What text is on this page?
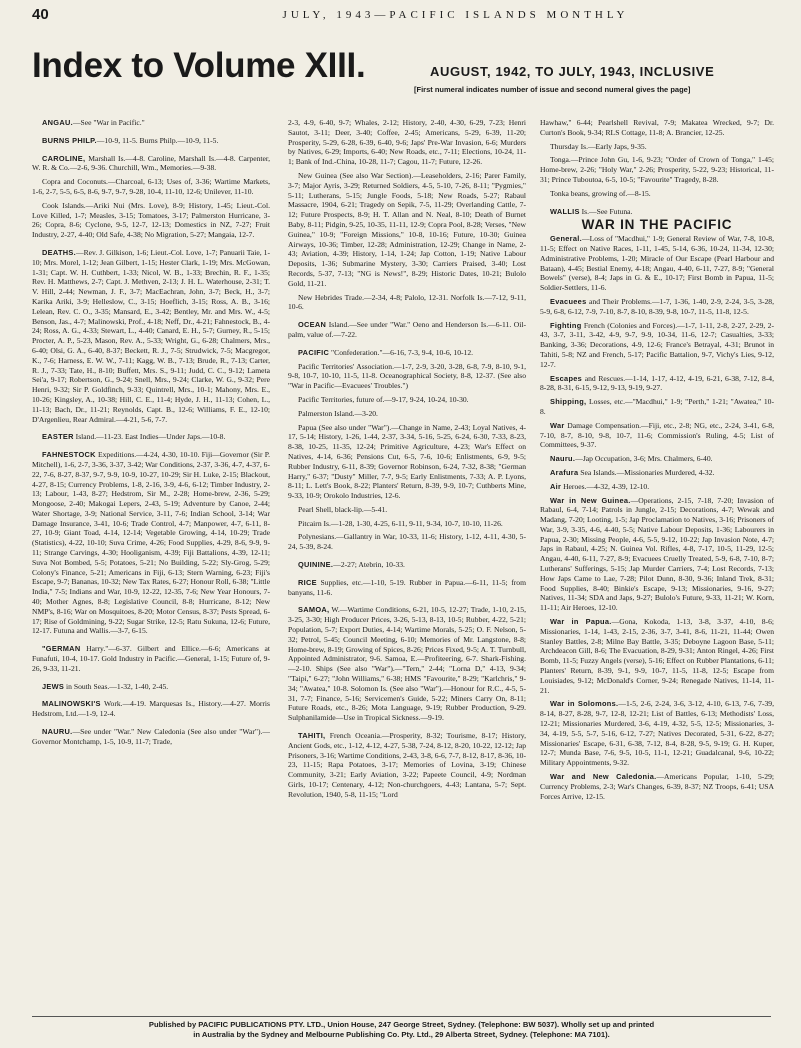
40	JULY, 1943—PACIFIC ISLANDS MONTHLY
Index to Volume XIII.	AUGUST, 1942, TO JULY, 1943, INCLUSIVE
[First numeral indicates number of issue and second numeral gives the page]

ANGAU.—See "War in Pacific."

BURNS PHILP.—10-9, 11-5. Burns Philp.—10-9, 11-5.

CAROLINE, Marshall Is.—4-8. Caroline, Marshall Is.—4-8. Carpenter, W. R. & Co.—2-6, 9-36. Churchill, Wm., Memories.—9-38.

Copra and Coconuts.—Charcoal, 6-13; Uses of, 3-36; Wartime Markets, 1-6, 2-7, 5-5, 6-5, 8-6, 9-7, 9-7, 9-28, 10-4, 11-10, 12-6; Unilever, 11-10.

Cook Islands.—Ariki Nui (Mrs. Love), 8-9; History, 1-45; Lieut.-Col. Love Killed, 1-7; Measles, 3-15; Tomatoes, 3-17; Palmerston Hurricane, 3-26; Copra, 8-6; Cyclone, 9-5, 12-7, 12-13; Domestics in NZ, 7-27; Fruit Industry, 2-27, 4-40; Old Safe, 4-38; No Migration, 5-27; Mangaia, 12-7.

DEATHS.—Rev. J. Gilkison, 1-6; Lieut.-Col. Love, 1-7; Panuarii Taie, 1-10; Mrs. Morel, 1-12; Jean Gilbert, 1-15; Hester Clark, 1-19; Mrs. McGowan, 1-31; Capt. W. H. Cuthbert, 1-33; Nicol, W. B., 1-33; Brechin, R. F., 1-35; Rev. H. Matthews, 2-7; Capt. J. Methven, 2-13; J. H. L. Waterhouse, 2-31; T. V. Hill, 2-44; Newman, J. F., 3-7; MacEachran, John, 3-7; Beck, H., 3-7; Karika Ariki, 3-9; Helleslow, C., 3-15; Hoeflich, 3-15; Ross, A. B., 3-16; Lelean, Rev. C. O., 3-35; Mansard, E., 3-42; Bentley, Mr. and Mrs. W., 4-5; Benson, Jas., 4-7; Malinowski, Prof., 4-18; Neff, Dr., 4-21; Fahnestock, B., 4-24; Ross, A. G., 4-33; Stewart, L., 4-40; Canard, E. H., 5-7; Gurney, R., 5-15; Procter, A. P., 5-23, Mason, Rev. A., 5-33; Wright, G., 6-28; Chalmers, Mrs., 6-40; Olsi, G. A., 6-40, 8-37; Beckett, R. J., 7-5; Strudwick, 7-5; Macgregor, K., 7-6; Harness, E. W. W., 7-11; Kagg, W. B., 7-13; Brude, R., 7-13; Carter, R. J., 7-33; Tate, H., 8-10; Buffett, Mrs. S., 9-11; Judd, C. C., 9-12; Lameta Sei'a, 9-17; Robertson, G., 9-24; Snell, Mrs., 9-24; Clarke, W. G., 9-32; Pere Henri, 9-32; Sir P. Goldfinch, 9-33; Quintrell, Mrs., 10-1; Mahony, Mrs. E., 10-26; Kingsley, A., 10-38; Hill, C. E., 11-4; Hyde, J. H., 11-13; Cohen, L., 11-13; Bach, Dr., 11-21; Reynolds, Capt. B., 12-6; Williams, F. E., 12-10; D'Argenlieu, Rear Admiral.—4-21, 5-6, 7-7.

EASTER Island.—11-23. East Indies—Under Japs.—10-8.

FAHNESTOCK Expeditions.—4-24, 4-30, 10-10. Fiji—Governor (Sir P. Mitchell), 1-6, 2-7, 3-36, 3-37, 3-42; War Conditions, 2-37, 3-36, 4-7, 4-37, 6-22, 7-6, 8-27, 8-37, 9-7, 9-9, 10-9, 10-27, 10-29; Sir H. Luke, 2-15; Blackout, 4-27, 8-15; Currency Problems, 1-8, 2-16, 3-9, 4-6, 6-12; Timber Industry, 2-13; Labour, 1-43, 8-27; Hedstrom, Sir M., 2-28; Home-brew, 2-36, 5-29; Mongoose, 2-40; Makogai Lepers, 2-43, 5-19; Adventure by Canoe, 2-44; Water Shortage, 3-9; National Service, 3-11, 7-6; Indian School, 3-14; War Damage Insurance, 3-41, 10-6; Trade Control, 4-7; Manpower, 4-7, 6-11, 8-27, 10-9; Giant Toad, 4-14, 12-14; Vegetable Growing, 4-14, 10-29; Trade (Statistics), 4-22, 10-10; Suva Crime, 4-26; Food Supplies, 4-29, 8-6, 9-9, 9-11; Strange Carvings, 4-30; Hooliganism, 4-39; Fiji Battalions, 4-39, 12-11; Suva Not Bombed, 5-5; Potatoes, 5-21; No Building, 5-22; Sly-Grog, 5-29; Colony's Finance, 5-21; Americans in Fiji, 6-13; Stern Warning, 6-23; Fiji's Escape, 9-7; Bananas, 10-32; New Tax Rates, 6-27; Honour Roll, 6-38; "Little India," 7-5; Indians and War, 10-9, 12-22, 12-35, 7-6; New Year Honours, 7-40; Mother Agnes, 8-8; Legislative Council, 8-8; Hurricane, 8-12; New NMP's, 8-16; War on Mosquitoes, 8-20; Motor Census, 8-37; Pests Spread, 6-17; Rise of Goldmining, 9-22; Sugar Strike, 12-5; Ratu Sukuna, 12-6; Future, 12-17. Futuna and Wallis.—3-7, 6-15.

"GERMAN Harry."—6-37. Gilbert and Ellice.—6-6; Americans at Funafuti, 10-4, 10-17. Gold Industry in Pacific.—General, 1-15; Future of, 9-26, 9-33, 11-21.

JEWS in South Seas.—1-32, 1-40, 2-45.

MALINOWSKI'S Work.—4-19. Marquesas Is., History.—4-27. Morris Hedstrom, Ltd.—1-9, 12-4.

NAURU.—See under "War." New Caledonia (See also under "War").—Governor Montchamp, 1-5, 10-9, 11-7; Trade,

2-3, 4-9, 6-40, 9-7; Whales, 2-12; History, 2-40, 4-30, 6-29, 7-23; Henri Sautot, 3-11; Deer, 3-40; Coffee, 2-45; Americans, 5-29, 6-39, 11-20; Prosperity, 5-29, 6-28, 6-39, 6-40, 9-6; Japs' Pre-War Invasion, 6-6; Murders by Natives, 6-29; Imports, 6-40; New Roads, etc., 7-11; Elections, 10-24, 11-1; Bank of Ind.-China, 10-28, 11-7; Cagou, 11-7; Future, 12-26.

New Guinea (See also War Section).—Leaseholders, 2-16; Parer Family, 3-7; Major Ayris, 3-29; Returned Soldiers, 4-5, 5-10, 7-26, 8-11; "Pygmies," 5-11; Lutherans, 5-15; Jungle Foods, 5-18; New Roads, 5-27; Rabaul Massacre, 1904, 6-21; Tragedy on Sepik, 7-5, 11-29; Overlanding Cattle, 7-12; Future Prospects, 8-9; H. T. Allan and N. Neal, 8-10; Death of Burnet Baby, 8-11; Pidgin, 9-25, 10-35, 11-11, 12-9; Copra Pool, 8-28; Verses, "New Guinea," 10-9; "Foreign Missions," 10-8, 10-16; Future, 10-30; Guinea Airways, 10-36; Timber, 12-28; Administration, 12-29; Change in Name, 2-43; Aviation, 4-39; History, 1-14, 1-24; Jap Cotton, 1-19; Native Labour Deposits, 1-36; Submarine Mystery, 3-30; Carriers Praised, 3-40; Lost Records, 5-37, 7-13; "NG is News!", 8-29; Historic Dates, 10-21; Bulolo Gold, 11-21.

New Hebrides Trade.—2-34, 4-8; Palolo, 12-31. Norfolk Is.—7-12, 9-11, 10-6.

OCEAN Island.—See under "War." Oeno and Henderson Is.—6-11. Oil-palm, value of.—7-22.

PACIFIC "Confederation."—6-16, 7-3, 9-4, 10-6, 10-12.

Pacific Territories' Association.—1-7, 2-9, 3-20, 3-28, 6-8, 7-9, 8-10, 9-1, 9-8, 10-7, 10-10, 11-5, 11-8. Oceanographical Society, 8-8, 12-37. (See also "War in Pacific—Evacuees' Troubles.")

Pacific Territories, future of.—9-17, 9-24, 10-24, 10-30.

Palmerston Island.—3-20.

Papua (See also under "War").—Change in Name, 2-43; Loyal Natives, 4-17, 5-14; History, 1-26, 1-44, 2-37, 3-34, 5-16, 5-25, 6-24, 6-30, 7-33, 8-23, 8-38, 10-25, 11-35, 12-24; Primitive Agriculture, 4-23; War's Effect on Natives, 4-14, 6-36; Pensions Cut, 6-5, 7-6, 10-6; Enlistments, 6-9, 9-5; Rubber Industry, 6-11, 8-39; Governor Robinson, 6-24, 7-32, 8-38; "German Harry," 6-37; "Dusty" Miller, 7-7, 9-5; Early Enlistments, 7-33; A. P. Lyons, 8-11; L. Lett's Book, 8-22; Planters' Return, 8-39, 9-9, 10-7; Cuthberts Mine, 9-33, 10-9; Orokolo Industries, 12-6.

Pearl Shell, black-lip.—5-41.

Pitcairn Is.—1-28, 1-30, 4-25, 6-11, 9-11, 9-34, 10-7, 10-10, 11-26.

Polynesians.—Gallantry in War, 10-33, 11-6; History, 1-12, 4-11, 4-30, 5-24, 5-39, 8-24.

QUININE.—2-27; Atebrin, 10-33.

RICE Supplies, etc.—1-10, 5-19. Rubber in Papua.—6-11, 11-5; from banyans, 11-6.

SAMOA, W.—Wartime Conditions, 6-21, 10-5, 12-27; Trade, 1-10, 2-15, 3-25, 3-30; High Producer Prices, 3-26, 5-13, 8-13, 10-5; Rubber, 4-22, 5-21; Population, 5-7; Export Duties, 4-14; Wartime Morals, 5-25; O. F. Nelson, 5-32; Petrol, 5-45; Council Meeting, 6-10; Memories of Mr. Langstone, 8-8; Home-brew, 8-19; Growing of Spices, 8-26; Prices Fixed, 9-5; A. T. Turnbull, Appointed Administrator, 9-6. Samoa, E.—Profiteering, 6-7. Shark-Fishing.—2-10. Ships (See also "War").—"Tern," 2-44; "Lorna D," 4-13, 9-34; "Taipi," 6-27; "John Williams," 6-38; HMS "Favourite," 8-29; "Karlchris," 9-34; "Awatea," 10-8. Solomon Is. (See also "War").—Honour for R.C., 4-5, 5-31, 7-7; Finance, 5-16; Servicemen's Guide, 5-22; Miners Carry On, 8-11; Future Roads, etc., 8-26; Mota Language, 9-19; Rubber Production, 9-29. Sulphanilamide—Use in Tropical Sickness.—9-19.

TAHITI, French Oceania.—Prosperity, 8-32; Tourisme, 8-17; History, Ancient Gods, etc., 1-12, 4-12, 4-27, 5-38, 7-24, 8-12, 8-20, 10-22, 12-12; Jap Prisoners, 3-16; Wartime Conditions, 2-43, 3-8, 6-6, 7-7, 8-12, 8-17, 8-36, 10-23, 11-15; Rapa Potatoes, 3-17; Memories of Lovina, 3-19; Chinese Community, 3-21; Early Aviation, 3-22; Papeete Council, 4-9; Nordman Girls, 10-17; Centenary, 4-12; Non-churchgoers, 4-43; Lantana, 5-7; Sept. Revolution, 1940, 5-8, 11-15; "Lord

Hawhaw," 6-44; Pearlshell Revival, 7-9; Makatea Wrecked, 9-7; Dr. Curton's Book, 9-34; RLS Cottage, 11-8; A. Brancier, 12-25.

Thursday Is.—Early Japs, 9-35.

Tonga.—Prince John Gu, 1-6, 9-23; "Order of Crown of Tonga," 1-45; Home-brew, 2-26; "Holy War," 2-26; Prosperity, 5-22, 9-23; Historical, 11-31; Prince Tuboutoa, 6-5, 10-5; "Favourite" Tragedy, 8-28.

Tonka beans, growing of.—8-15.

WALLIS Is.—See Futuna.

WAR IN THE PACIFIC

General.—Loss of "Macdhui," 1-9; General Review of War, 7-8, 10-8, 11-5; Effect on Native Races, 1-11, 1-45, 5-14, 6-36, 10-24, 11-34, 12-30; Administrative Problems, 1-20; Miracle of Our Escape (Pearl Harbour and Bataan), 4-45; Bestial Enemy, 4-18; Angau, 4-40, 6-11, 7-27, 8-9; "General Bowels" (verse), 8-4; Japs in G. & E., 10-17; First Bomb in Papua, 11-5; Soldier-Settlers, 11-6.

Evacuees and Their Problems.—1-7, 1-36, 1-40, 2-9, 2-24, 3-5, 3-28, 5-9, 6-8, 6-12, 7-9, 7-10, 8-7, 8-10, 8-39, 9-8, 10-7, 11-5, 11-8, 12-5.

Fighting French (Colonies and Forces).—1-7, 1-11, 2-8, 2-27, 2-29, 2-43, 3-7, 3-11, 3-42, 4-9, 9-7, 9-9, 10-34, 11-6, 12-7; Casualties, 3-33; Banking, 3-36; Decorations, 4-9, 12-6; France's Betrayal, 4-31; Brunot in Tahiti, 5-8; NZ and French, 5-17; Pacific Battalion, 9-7, Vichy's Lies, 9-12, 12-7.

Escapes and Rescues.—1-14, 1-17, 4-12, 4-19, 6-21, 6-38, 7-12, 8-4, 8-28, 8-31, 6-15, 9-12, 9-13, 9-19, 9-27.

Shipping, Losses, etc.—"Macdhui," 1-9; "Perth," 1-21; "Awatea," 10-8.

War Damage Compensation.—Fiji, etc., 2-8; NG, etc., 2-24, 3-41, 6-8, 7-10, 8-7, 8-10, 9-8, 10-7, 11-6; Commission's Ruling, 4-5; List of Committees, 9-37.

Nauru.—Jap Occupation, 3-6; Mrs. Chalmers, 6-40.

Arafura Sea Islands.—Missionaries Murdered, 4-32.

Air Heroes.—4-32, 4-39, 12-10.

War in New Guinea.—Operations, 2-15, 7-18, 7-20; Invasion of Rabaul, 6-4, 7-14; Patrols in Jungle, 2-15; Decorations, 4-7; Wewak and Madang, 7-20; Looting, 1-5; Jap Proclamation to Natives, 3-16; Prisoners of War, 3-9, 3-35, 4-6, 4-40, 5-5; Native Labour Deposits, 1-36; Labourers in Papua, 2-30; Missing People, 4-6, 5-5, 9-12, 10-22; Jap Invasion Note, 4-7; Japs in Rabaul, 4-25; N. Guinea Vol. Rifles, 4-8, 7-17, 10-5, 11-29, 12-5; Angau, 4-40, 6-11, 7-27, 8-9; Evacuees Cruelly Treated, 5-9, 6-8, 7-10, 8-7; Lutherans' Sufferings, 5-15; Jap Murder Carriers, 7-4; Lost Records, 7-13; How Japs Came to Lae, 7-28; Pilot Dunn, 8-30, 9-36; Inland Trek, 8-31; Food Supplies, 8-40; Binkie's Escape, 9-13; Missionaries, 9-16, 9-27; Natives, 11-34; SDA and Japs, 9-27; Bulolo's Future, 9-33, 11-21; W. Korn, 11-11; Air Heroes, 12-10.

War in Papua.—Gona, Kokoda, 1-13, 3-8, 3-37, 4-10, 8-6; Missionaries, 1-14, 1-43, 2-15, 2-36, 3-7, 3-41, 8-6, 11-21, 11-44; Owen Stanley Battles, 2-8; Milne Bay Battle, 3-35; Deboyne Lagoon Base, 5-11; Archdeacon Gill, 8-6; The Evacuation, 8-29, 9-31; Anton Ringel, 4-26; First Bomb, 11-5; Fuzzy Angels (verse), 5-16; Effect on Rubber Plantations, 6-11; Planters' Return, 8-39, 9-1, 9-9, 10-7, 11-5, 11-8, 12-5; Escape from Louisiades, 9-12; McDonald's Corner, 9-24; Renegade Natives, 11-14, 11-21.

War in Solomons.—1-5, 2-6, 2-24, 3-6, 3-12, 4-10, 6-13, 7-6, 7-39, 8-14, 8-27, 8-28, 9-7, 12-8, 12-21; List of Battles, 6-13; Methodists' Loss, 12-21; Missionaries Murdered, 3-6, 4-19, 4-32, 5-5, 12-5; Missionaries, 3-34, 4-19, 5-5, 5-7, 5-16, 6-12, 7-27; Natives Decorated, 5-31, 6-22, 8-27; Missionaries' Escape, 6-31, 6-38, 7-12, 8-4, 8-28, 9-5, 9-19; G. H. Kuper, 12-7; Munda Base, 7-6, 9-5, 10-5, 11-1, 12-21; Guadalcanal, 9-6, 10-22; Military Appointments, 9-32.

War and New Caledonia.—Americans Popular, 1-10, 5-29; Currency Problems, 2-3; War's Changes, 6-39, 8-37; NZ Troops, 6-41; USA Forces Arrive, 12-15.

Published by PACIFIC PUBLICATIONS PTY. LTD., Union House, 247 George Street, Sydney. (Telephone: BW 5037). Wholly set up and printed
in Australia by the Sydney and Melbourne Publishing Co. Pty. Ltd., 29 Alberta Street, Sydney. (Telephone: MA 7101).
